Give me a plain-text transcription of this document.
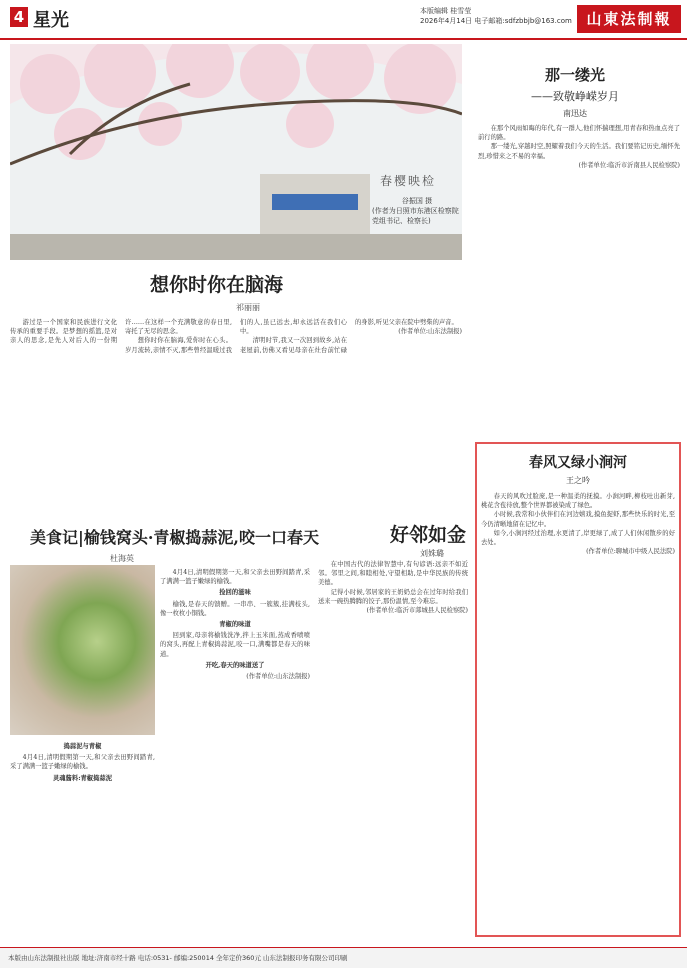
4 星光	本版编辑 桂雪莹
2026年4月14日 电子邮箱:sdfzbbjb@163.com 山東法制報
春樱映检
谷振国 摄
(作者为日照市东港区检察院党组书记、检察长)
想你时你在脑海
祁丽丽

游过是一个国家和民族进行文化传承的重要手段。是梦想的摇篮,是对亲人的思念,是先人对后人的一份期许……在这样一个充满敬意的春日里,寄托了无尽的思念。

想你时你在脑海,爱你时在心头。岁月流转,亲情不灭,那些曾经温暖过我们的人,虽已远去,却永远活在我们心中。

清明时节,我又一次回到故乡,站在老屋前,仿佛又看见母亲在灶台前忙碌的身影,听见父亲在院中劈柴的声音。

(作者单位:山东法制报)

美食记|榆钱窝头·青椒捣蒜泥,咬一口春天
杜海英

4月4日,清明假期第一天,和父亲去田野间踏青,采了满满一篮子嫩绿的榆钱。

捡回的滋味

榆钱,是春天的馈赠。一串串、一簇簇,挂满枝头,像一枚枚小铜钱。

青椒的味道

回到家,母亲将榆钱洗净,拌上玉米面,蒸成香喷喷的窝头,再配上青椒捣蒜泥,咬一口,满嘴都是春天的味道。

开吃,春天的味道送了

(作者单位:山东法制报)

捣蒜泥与青椒

4月4日,清明假期第一天,和父亲去田野间踏青,采了满满一篮子嫩绿的榆钱。

灵魂酱料:青椒捣蒜泥
好邻如金
刘姝璐

在中国古代的法律智慧中,有句谚语:远亲不如近邻。邻里之间,和睦相处,守望相助,是中华民族的传统美德。

记得小时候,邻居家的王奶奶总会在过年时给我们送来一碗热腾腾的饺子,那份温情,至今难忘。

(作者单位:临沂市郯城县人民检察院)

那一缕光
——致敬峥嵘岁月
南迅达

在那个风雨如晦的年代,有一群人,他们怀揣理想,用青春和热血点亮了前行的路。

那一缕光,穿越时空,照耀着我们今天的生活。我们要铭记历史,缅怀先烈,珍惜来之不易的幸福。

(作者单位:临沂市沂南县人民检察院)

春风又绿小涧河
王之吟

春天的风吹过脸庞,是一种温柔的抚摸。小涧河畔,柳枝吐出新芽,桃花含苞待放,整个世界都被染成了绿色。

小时候,我常和小伙伴们在河边嬉戏,摸鱼捉虾,那些快乐的时光,至今仍清晰地留在记忆中。

如今,小涧河经过治理,水更清了,岸更绿了,成了人们休闲散步的好去处。

(作者单位:聊城市中级人民法院)

本版由山东法制报社出版 地址:济南市经十路 电话:0531- 邮编:250014 全年定价360元 山东法制报印务有限公司印刷
